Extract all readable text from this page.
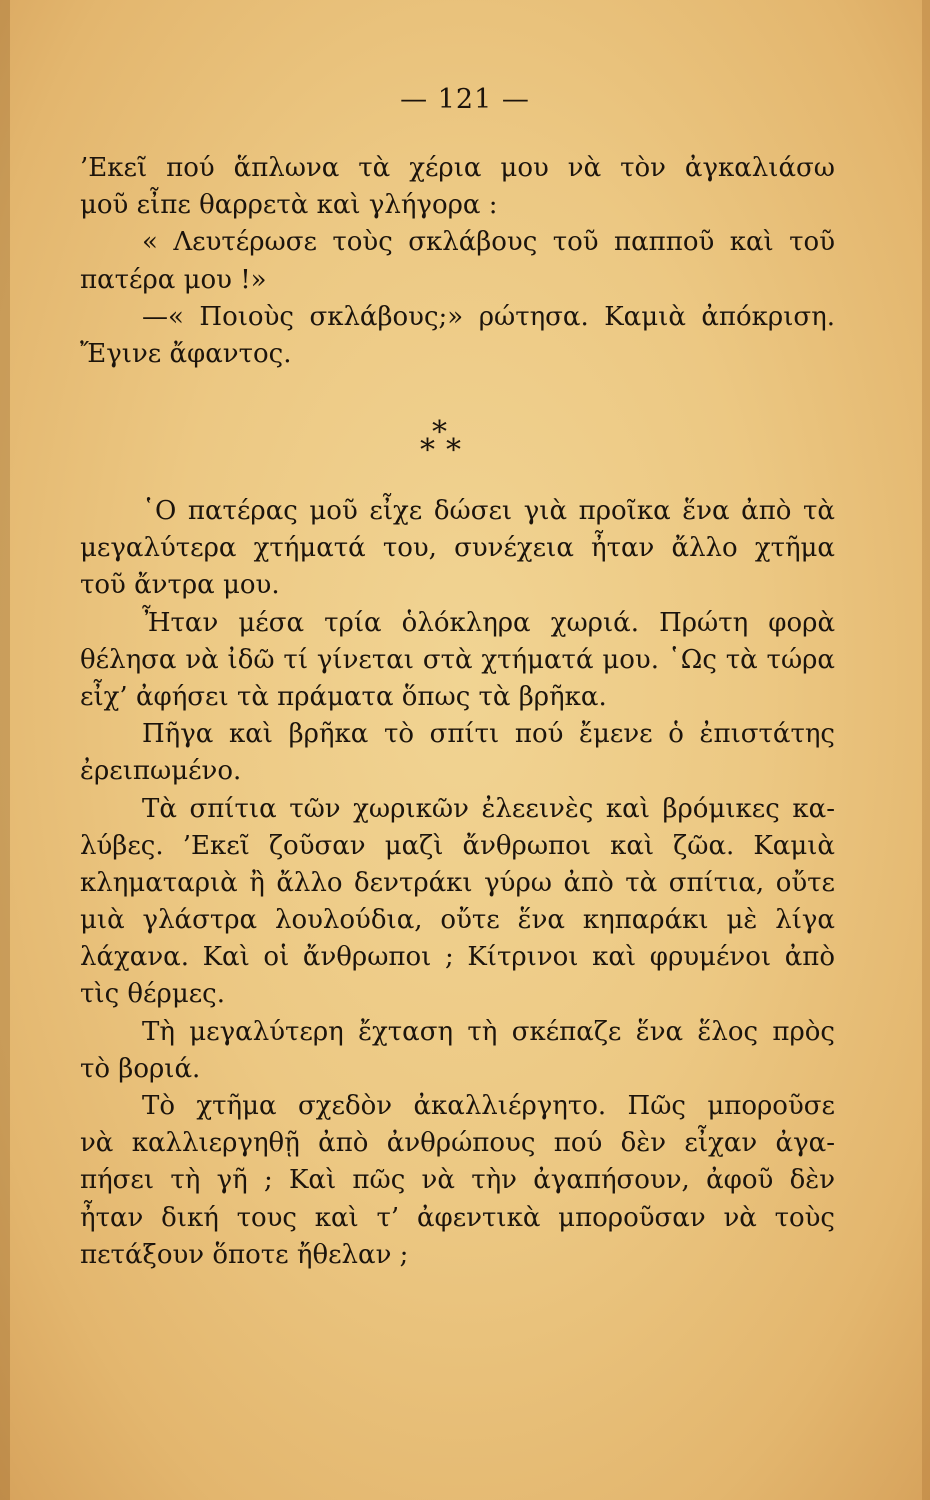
— 121 —
’Εκεῖ πού ἅπλωνα τὰ χέρια μου νὰ τὸν ἀγκαλιάσω
μοῦ εἶπε θαρρετὰ καὶ γλήγορα :
« Λευτέρωσε τοὺς σκλάβους τοῦ παπποῦ καὶ τοῦ
πατέρα μου !»
—« Ποιοὺς σκλάβους;» ρώτησα. Καμιὰ ἀπόκριση.
Ἔγινε ἄφαντος.
*
* *
῾Ο πατέρας μοῦ εἶχε δώσει γιὰ προῖκα ἕνα ἀπὸ τὰ
μεγαλύτερα χτήματά του, συνέχεια ἦταν ἄλλο χτῆμα
τοῦ ἄντρα μου.
Ἦταν μέσα τρία ὁλόκληρα χωριά. Πρώτη φορὰ
θέλησα νὰ ἰδῶ τί γίνεται στὰ χτήματά μου. ῾Ως τὰ τώρα
εἶχ’ ἀφήσει τὰ πράματα ὅπως τὰ βρῆκα.
Πῆγα καὶ βρῆκα τὸ σπίτι πού ἔμενε ὁ ἐπιστάτης
ἐρειπωμένο.
Τὰ σπίτια τῶν χωρικῶν ἐλεεινὲς καὶ βρόμικες κα-
λύβες. ’Εκεῖ ζοῦσαν μαζὶ ἄνθρωποι καὶ ζῶα. Καμιὰ
κληματαριὰ ἢ ἄλλο δεντράκι γύρω ἀπὸ τὰ σπίτια, οὔτε
μιὰ γλάστρα λουλούδια, οὔτε ἕνα κηπαράκι μὲ λίγα
λάχανα. Καὶ οἱ ἄνθρωποι ; Κίτρινοι καὶ φρυμένοι ἀπὸ
τὶς θέρμες.
Τὴ μεγαλύτερη ἔχταση τὴ σκέπαζε ἕνα ἕλος πρὸς
τὸ βοριά.
Τὸ χτῆμα σχεδὸν ἀκαλλιέργητο. Πῶς μποροῦσε
νὰ καλλιεργηθῇ ἀπὸ ἀνθρώπους πού δὲν εἶχαν ἀγα-
πήσει τὴ γῆ ; Καὶ πῶς νὰ τὴν ἀγαπήσουν, ἀφοῦ δὲν
ἦταν δική τους καὶ τ’ ἀφεντικὰ μποροῦσαν νὰ τοὺς
πετάξουν ὅποτε ἤθελαν ;
